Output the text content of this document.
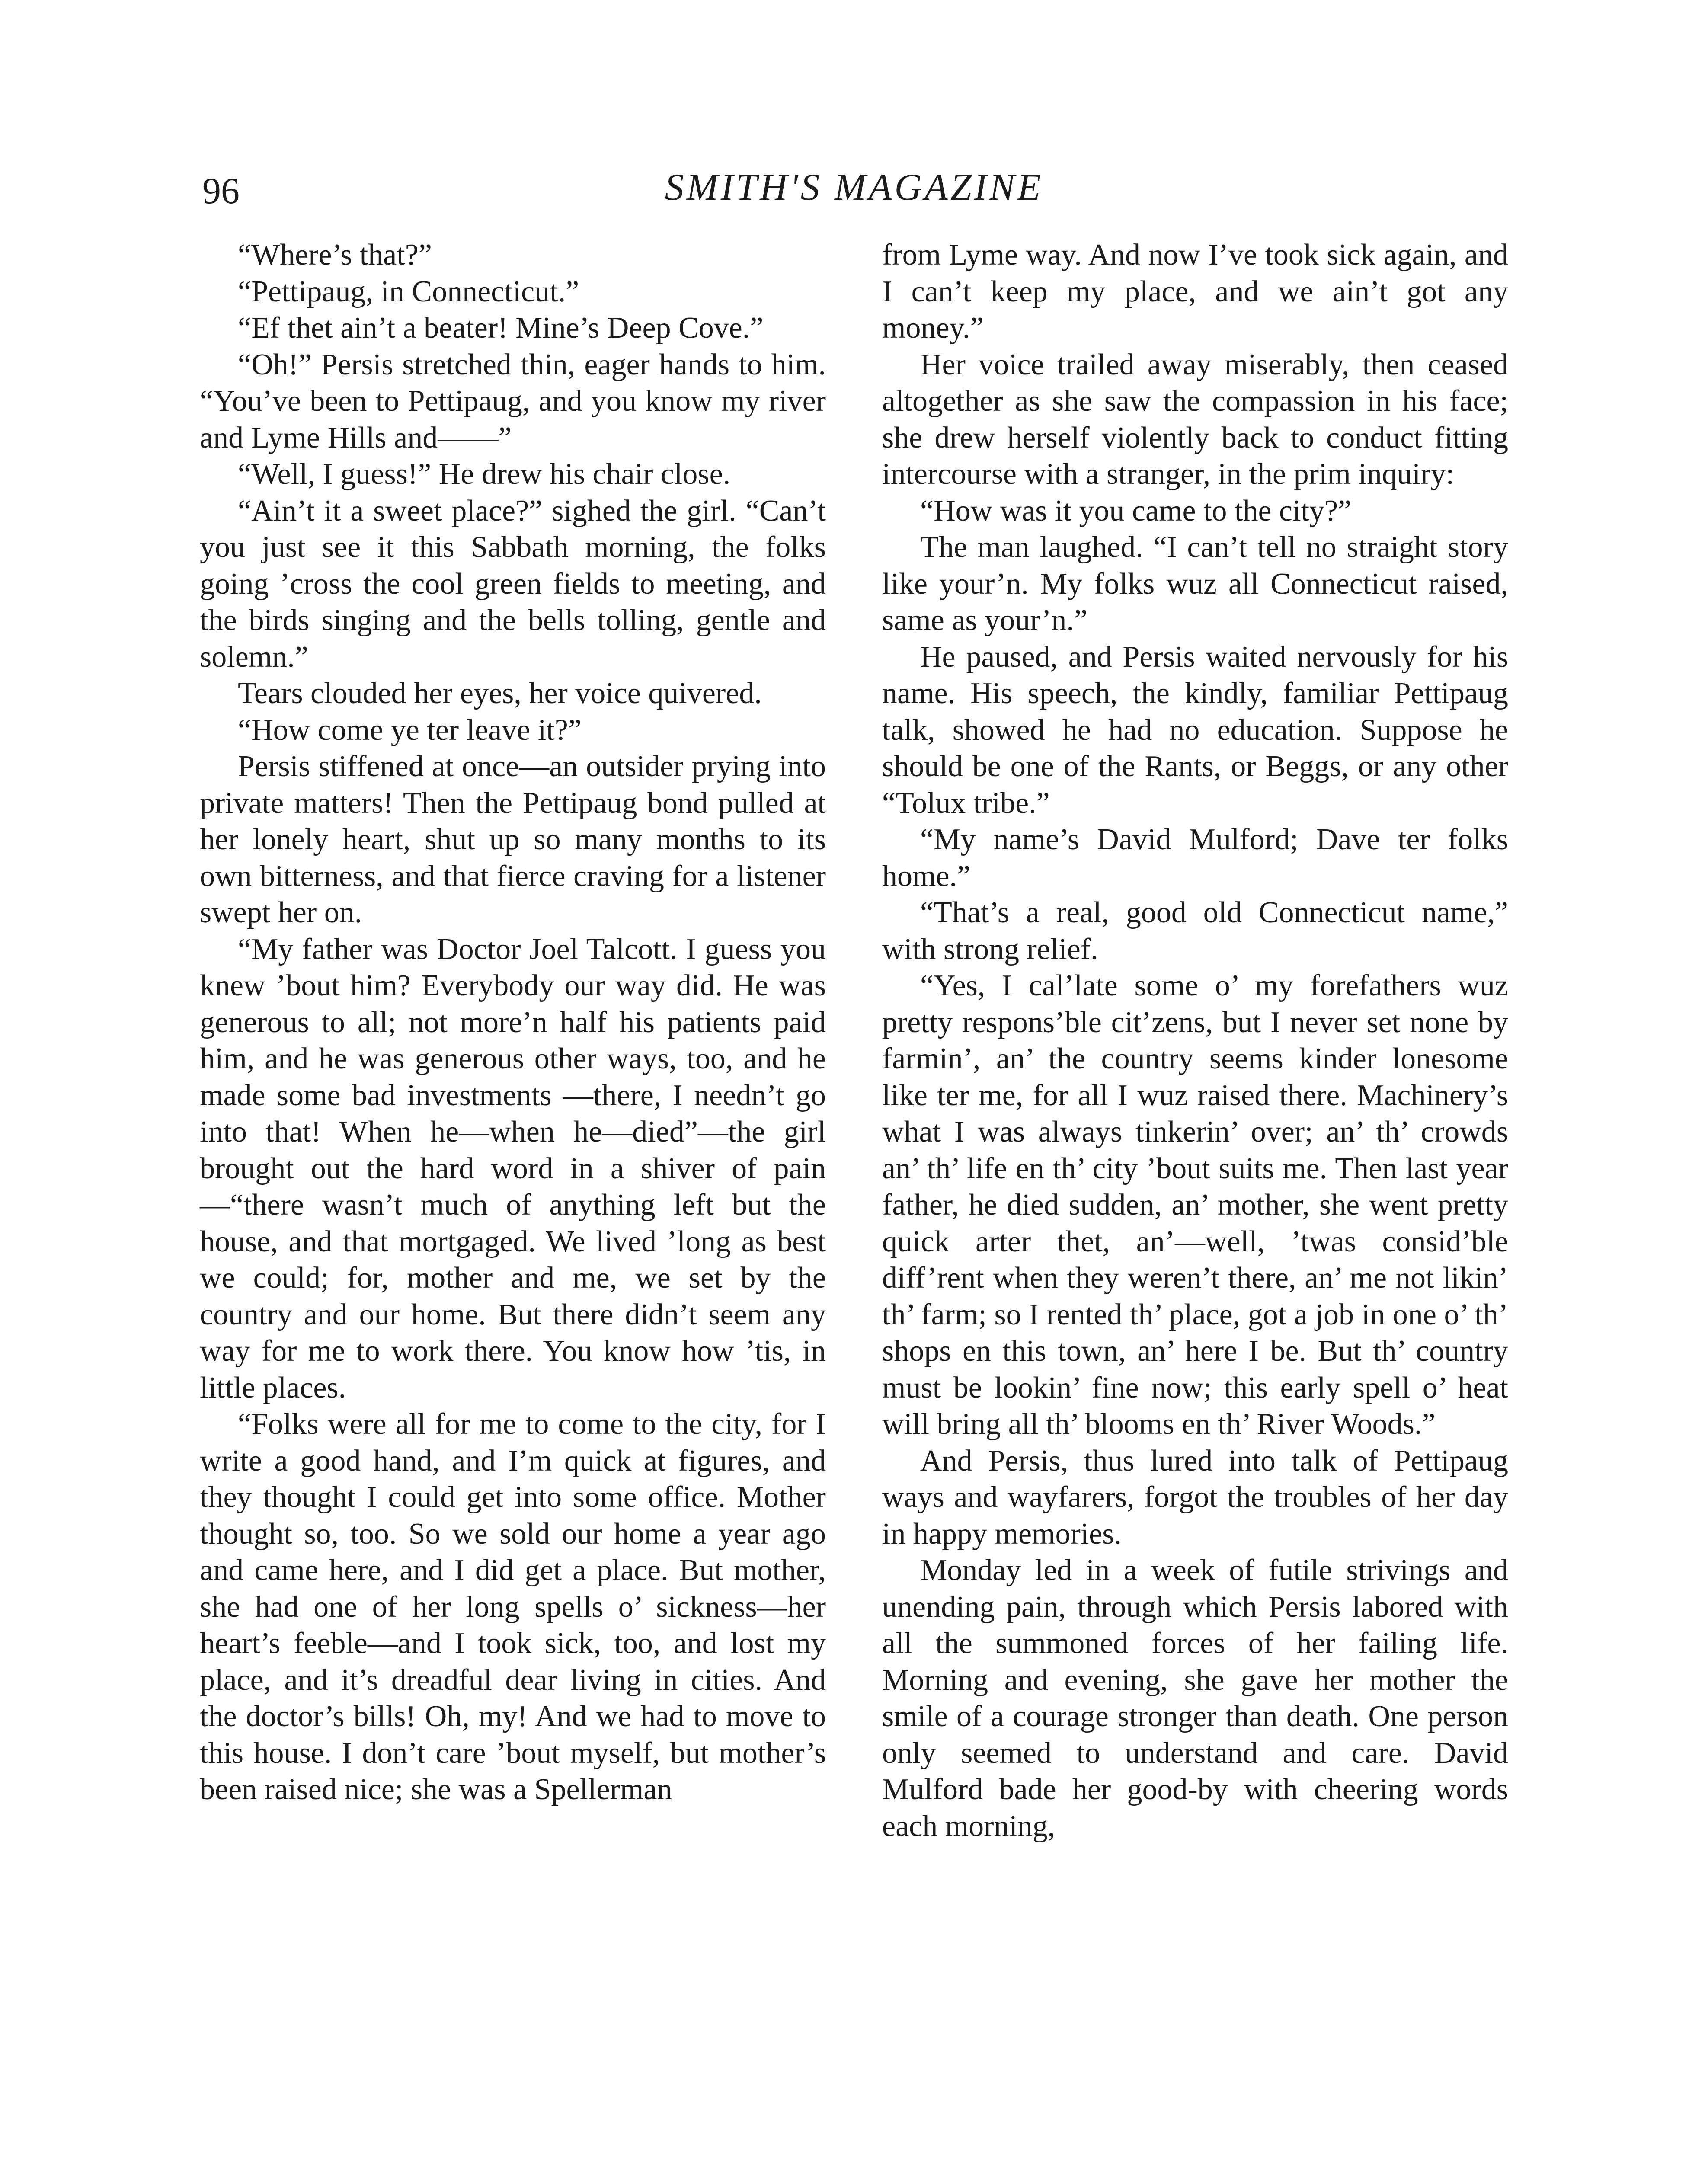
96	SMITH'S MAGAZINE

“Where’s that?”

“Pettipaug, in Connecticut.”

“Ef thet ain’t a beater! Mine’s Deep Cove.”

“Oh!” Persis stretched thin, eager hands to him. “You’ve been to Pettipaug, and you know my river and Lyme Hills and——”

“Well, I guess!” He drew his chair close.

“Ain’t it a sweet place?” sighed the girl. “Can’t you just see it this Sabbath morning, the folks going ’cross the cool green fields to meeting, and the birds singing and the bells tolling, gentle and solemn.”

Tears clouded her eyes, her voice quivered.

“How come ye ter leave it?”

Persis stiffened at once—an outsider prying into private matters! Then the Pettipaug bond pulled at her lonely heart, shut up so many months to its own bitterness, and that fierce craving for a listener swept her on.

“My father was Doctor Joel Talcott. I guess you knew ’bout him? Everybody our way did. He was generous to all; not more’n half his patients paid him, and he was generous other ways, too, and he made some bad investments —there, I needn’t go into that! When he—when he—died”—the girl brought out the hard word in a shiver of pain—“there wasn’t much of anything left but the house, and that mortgaged. We lived ’long as best we could; for, mother and me, we set by the country and our home. But there didn’t seem any way for me to work there. You know how ’tis, in little places.

“Folks were all for me to come to the city, for I write a good hand, and I’m quick at figures, and they thought I could get into some office. Mother thought so, too. So we sold our home a year ago and came here, and I did get a place. But mother, she had one of her long spells o’ sickness—her heart’s feeble—and I took sick, too, and lost my place, and it’s dreadful dear living in cities. And the doctor’s bills! Oh, my! And we had to move to this house. I don’t care ’bout myself, but mother’s been raised nice; she was a Spellerman

from Lyme way. And now I’ve took sick again, and I can’t keep my place, and we ain’t got any money.”

Her voice trailed away miserably, then ceased altogether as she saw the compassion in his face; she drew herself violently back to conduct fitting intercourse with a stranger, in the prim inquiry:

“How was it you came to the city?”

The man laughed. “I can’t tell no straight story like your’n. My folks wuz all Connecticut raised, same as your’n.”

He paused, and Persis waited nervously for his name. His speech, the kindly, familiar Pettipaug talk, showed he had no education. Suppose he should be one of the Rants, or Beggs, or any other “Tolux tribe.”

“My name’s David Mulford; Dave ter folks home.”

“That’s a real, good old Connecticut name,” with strong relief.

“Yes, I cal’late some o’ my forefathers wuz pretty respons’ble cit’zens, but I never set none by farmin’, an’ the country seems kinder lonesome like ter me, for all I wuz raised there. Machinery’s what I was always tinkerin’ over; an’ th’ crowds an’ th’ life en th’ city ’bout suits me. Then last year father, he died sudden, an’ mother, she went pretty quick arter thet, an’—well, ’twas consid’ble diff’rent when they weren’t there, an’ me not likin’ th’ farm; so I rented th’ place, got a job in one o’ th’ shops en this town, an’ here I be. But th’ country must be lookin’ fine now; this early spell o’ heat will bring all th’ blooms en th’ River Woods.”

And Persis, thus lured into talk of Pettipaug ways and wayfarers, forgot the troubles of her day in happy memories.

Monday led in a week of futile strivings and unending pain, through which Persis labored with all the summoned forces of her failing life. Morning and evening, she gave her mother the smile of a courage stronger than death. One person only seemed to understand and care. David Mulford bade her good-by with cheering words each morning,
